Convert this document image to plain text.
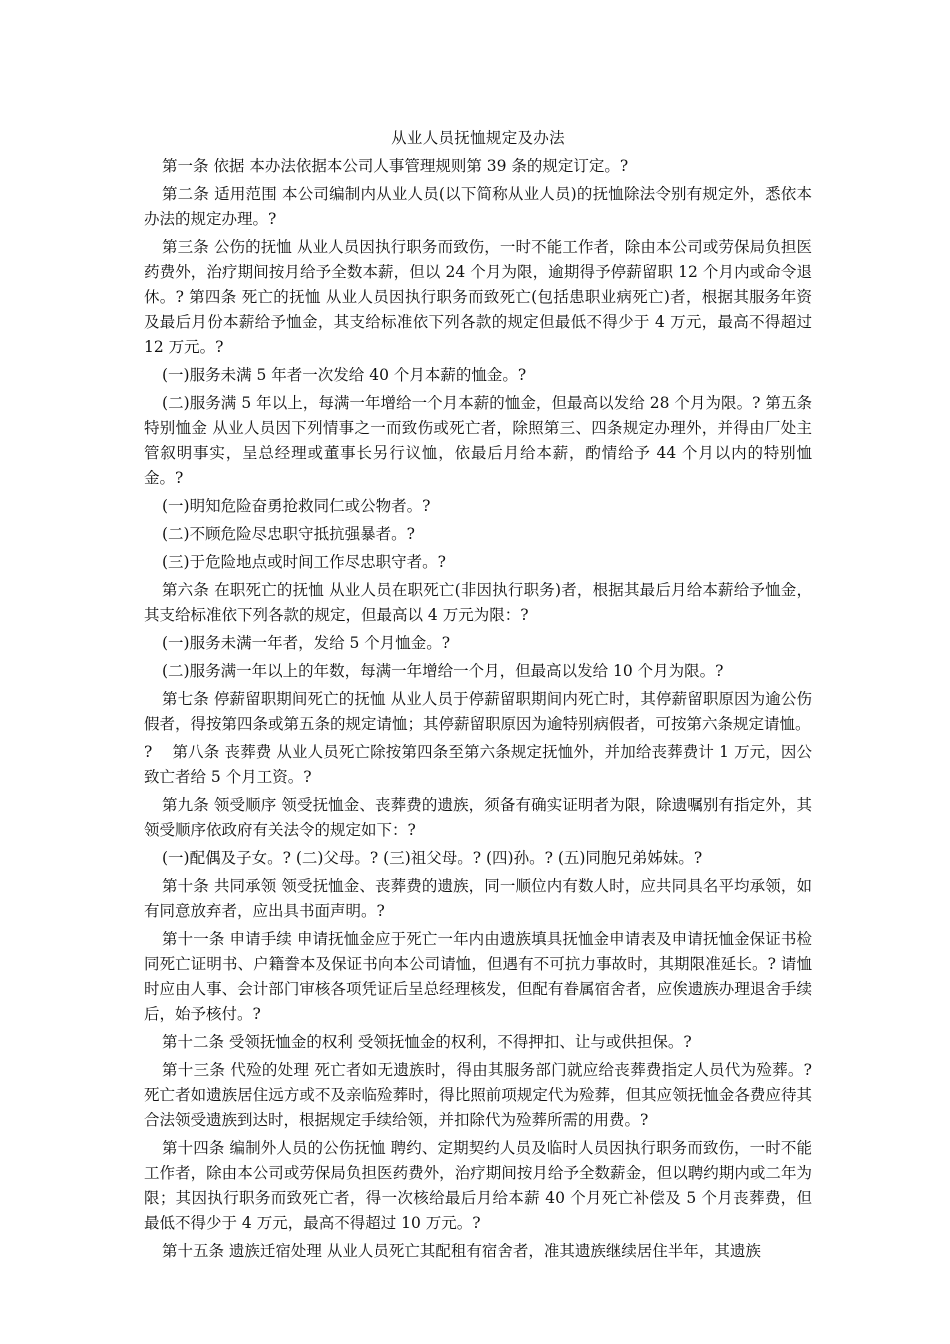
从业人员抚恤规定及办法
第一条 依据 本办法依据本公司人事管理规则第 39 条的规定订定。?
第二条 适用范围 本公司编制内从业人员(以下简称从业人员)的抚恤除法令别有规定外，悉依本办法的规定办理。?
第三条 公伤的抚恤 从业人员因执行职务而致伤，一时不能工作者，除由本公司或劳保局负担医药费外，治疗期间按月给予全数本薪，但以 24 个月为限，逾期得予停薪留职 12 个月内或命令退休。? 第四条 死亡的抚恤 从业人员因执行职务而致死亡(包括患职业病死亡)者，根据其服务年资及最后月份本薪给予恤金，其支给标准依下列各款的规定但最低不得少于 4 万元，最高不得超过 12 万元。?
(一)服务未满 5 年者一次发给 40 个月本薪的恤金。?
(二)服务满 5 年以上，每满一年增给一个月本薪的恤金，但最高以发给 28 个月为限。? 第五条 特别恤金 从业人员因下列情事之一而致伤或死亡者，除照第三、四条规定办理外，并得由厂处主管叙明事实，呈总经理或董事长另行议恤，依最后月给本薪，酌情给予 44 个月以内的特别恤金。?
(一)明知危险奋勇抢救同仁或公物者。?
(二)不顾危险尽忠职守抵抗强暴者。?
(三)于危险地点或时间工作尽忠职守者。?
第六条 在职死亡的抚恤 从业人员在职死亡(非因执行职务)者，根据其最后月给本薪给予恤金，其支给标准依下列各款的规定，但最高以 4 万元为限：?
(一)服务未满一年者，发给 5 个月恤金。?
(二)服务满一年以上的年数，每满一年增给一个月，但最高以发给 10 个月为限。?
第七条 停薪留职期间死亡的抚恤 从业人员于停薪留职期间内死亡时，其停薪留职原因为逾公伤假者，得按第四条或第五条的规定请恤；其停薪留职原因为逾特别病假者，可按第六条规定请恤。
?    第八条 丧葬费 从业人员死亡除按第四条至第六条规定抚恤外，并加给丧葬费计 1 万元，因公致亡者给 5 个月工资。?
第九条 领受顺序 领受抚恤金、丧葬费的遗族，须备有确实证明者为限，除遗嘱别有指定外，其领受顺序依政府有关法令的规定如下：?
(一)配偶及子女。? (二)父母。? (三)祖父母。? (四)孙。? (五)同胞兄弟姊妹。?
第十条 共同承领 领受抚恤金、丧葬费的遗族，同一顺位内有数人时，应共同具名平均承领，如有同意放弃者，应出具书面声明。?
第十一条 申请手续 申请抚恤金应于死亡一年内由遗族填具抚恤金申请表及申请抚恤金保证书检同死亡证明书、户籍誊本及保证书向本公司请恤，但遇有不可抗力事故时，其期限准延长。? 请恤时应由人事、会计部门审核各项凭证后呈总经理核发，但配有眷属宿舍者，应俟遗族办理退舍手续后，始予核付。?
第十二条 受领抚恤金的权利 受领抚恤金的权利，不得押扣、让与或供担保。?
第十三条 代殓的处理 死亡者如无遗族时，得由其服务部门就应给丧葬费指定人员代为殓葬。? 死亡者如遗族居住远方或不及亲临殓葬时，得比照前项规定代为殓葬，但其应领抚恤金各费应待其合法领受遗族到达时，根据规定手续给领，并扣除代为殓葬所需的用费。?
第十四条 编制外人员的公伤抚恤 聘约、定期契约人员及临时人员因执行职务而致伤，一时不能工作者，除由本公司或劳保局负担医药费外，治疗期间按月给予全数薪金，但以聘约期内或二年为限；其因执行职务而致死亡者，得一次核给最后月给本薪 40 个月死亡补偿及 5 个月丧葬费，但最低不得少于 4 万元，最高不得超过 10 万元。?
第十五条 遗族迁宿处理 从业人员死亡其配租有宿舍者，准其遗族继续居住半年，其遗族
